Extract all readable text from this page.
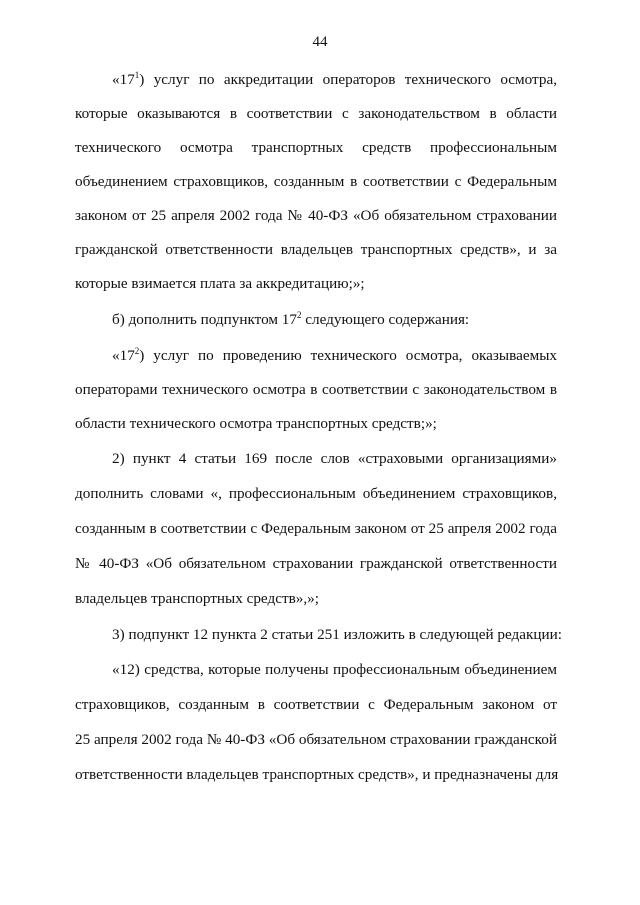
44
«$17^1$) услуг по аккредитации операторов технического осмотра,
которые оказываются в соответствии с законодательством в области
технического осмотра транспортных средств профессиональным
объединением страховщиков, созданным в соответствии с Федеральным
законом от 25 апреля 2002 года № 40-ФЗ «Об обязательном страховании
гражданской ответственности владельцев транспортных средств», и за
которые взимается плата за аккредитацию;»;
б) дополнить подпунктом $17^2$ следующего содержания:
«$17^2$) услуг по проведению технического осмотра, оказываемых
операторами технического осмотра в соответствии с законодательством в
области технического осмотра транспортных средств;»;
2) пункт 4 статьи 169 после слов «страховыми организациями»
дополнить словами «, профессиональным объединением страховщиков,
созданным в соответствии с Федеральным законом от 25 апреля 2002 года
№ 40-ФЗ «Об обязательном страховании гражданской ответственности
владельцев транспортных средств»,»;
3) подпункт 12 пункта 2 статьи 251 изложить в следующей редакции:
«12) средства, которые получены профессиональным объединением
страховщиков, созданным в соответствии с Федеральным законом от
25 апреля 2002 года № 40-ФЗ «Об обязательном страховании гражданской
ответственности владельцев транспортных средств», и предназначены для
